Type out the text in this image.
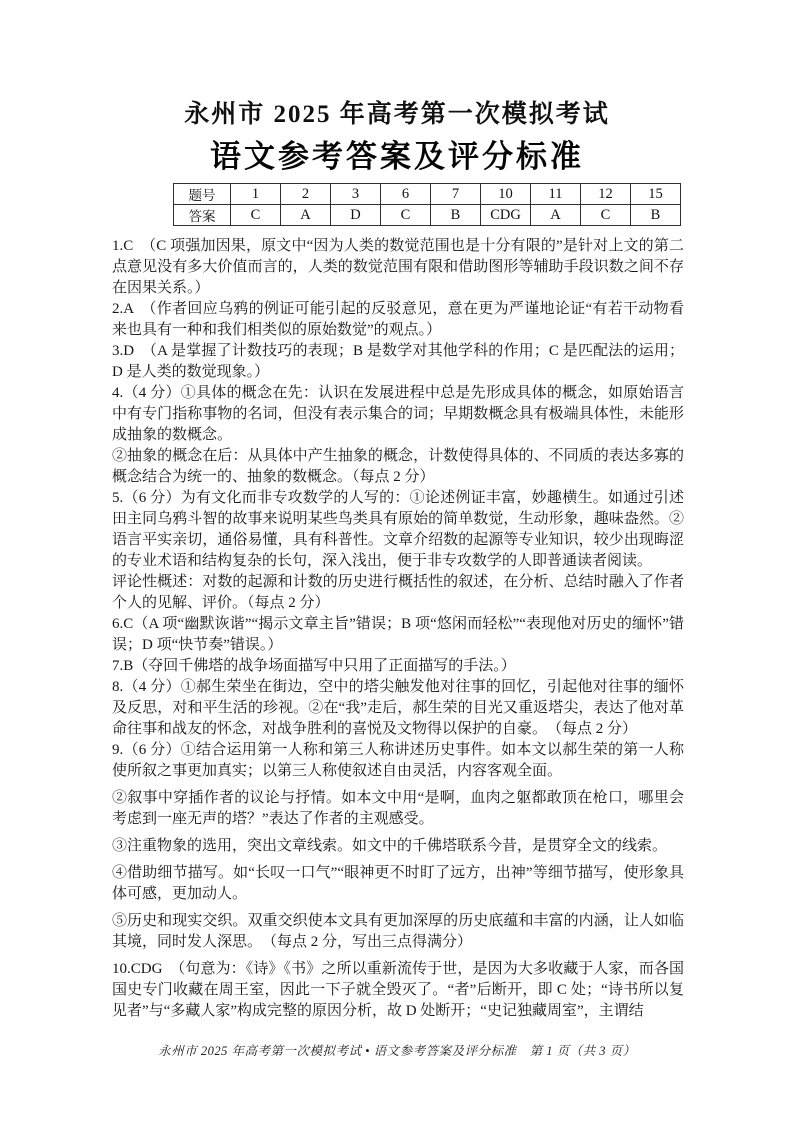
永州市 2025 年高考第一次模拟考试
语文参考答案及评分标准
题号	1	2	3	6	7	10	11	12	15
答案	C	A	D	C	B	CDG	A	C	B

1.C　（C 项强加因果，原文中“因为人类的数觉范围也是十分有限的”是针对上文的第二点意见没有多大价值而言的，人类的数觉范围有限和借助图形等辅助手段识数之间不存在因果关系。）

2.A　（作者回应乌鸦的例证可能引起的反驳意见，意在更为严谨地论证“有若干动物看来也具有一种和我们相类似的原始数觉”的观点。）

3.D　（A 是掌握了计数技巧的表现；B 是数学对其他学科的作用；C 是匹配法的运用；D 是人类的数觉现象。）

4.（4 分）①具体的概念在先：认识在发展进程中总是先形成具体的概念，如原始语言中有专门指称事物的名词，但没有表示集合的词；早期数概念具有极端具体性，未能形成抽象的数概念。

②抽象的概念在后：从具体中产生抽象的概念，计数使得具体的、不同质的表达多寡的概念结合为统一的、抽象的数概念。（每点 2 分）

5.（6 分）为有文化而非专攻数学的人写的：①论述例证丰富，妙趣横生。如通过引述田主同乌鸦斗智的故事来说明某些鸟类具有原始的简单数觉，生动形象，趣味盎然。②语言平实亲切，通俗易懂，具有科普性。文章介绍数的起源等专业知识，较少出现晦涩的专业术语和结构复杂的长句，深入浅出，便于非专攻数学的人即普通读者阅读。

评论性概述：对数的起源和计数的历史进行概括性的叙述，在分析、总结时融入了作者个人的见解、评价。（每点 2 分）

6.C（A 项“幽默诙谐”“揭示文章主旨”错误；B 项“悠闲而轻松”“表现他对历史的缅怀”错误；D 项“快节奏”错误。）

7.B（夺回千佛塔的战争场面描写中只用了正面描写的手法。）

8.（4 分）①郝生荣坐在街边，空中的塔尖触发他对往事的回忆，引起他对往事的缅怀及反思，对和平生活的珍视。②在“我”走后，郝生荣的目光又重返塔尖，表达了他对革命往事和战友的怀念，对战争胜利的喜悦及文物得以保护的自豪。　（每点 2 分）

9.（6 分）①结合运用第一人称和第三人称讲述历史事件。如本文以郝生荣的第一人称使所叙之事更加真实；以第三人称使叙述自由灵活，内容客观全面。

②叙事中穿插作者的议论与抒情。如本文中用“是啊，血肉之躯都敢顶在枪口，哪里会考虑到一座无声的塔？”表达了作者的主观感受。

③注重物象的选用，突出文章线索。如文中的千佛塔联系今昔，是贯穿全文的线索。

④借助细节描写。如“长叹一口气”“眼神更不时盯了远方，出神”等细节描写，使形象具体可感，更加动人。

⑤历史和现实交织。双重交织使本文具有更加深厚的历史底蕴和丰富的内涵，让人如临其境，同时发人深思。　（每点 2 分，写出三点得满分）

10.CDG　（句意为：《诗》《书》之所以重新流传于世，是因为大多收藏于人家，而各国国史专门收藏在周王室，因此一下子就全毁灭了。“者”后断开，即 C 处；“诗书所以复见者”与“多藏人家”构成完整的原因分析，故 D 处断开；“史记独藏周室”，主谓结

永州市 2025 年高考第一次模拟考试 • 语文参考答案及评分标准　第 1 页（共 3 页）
